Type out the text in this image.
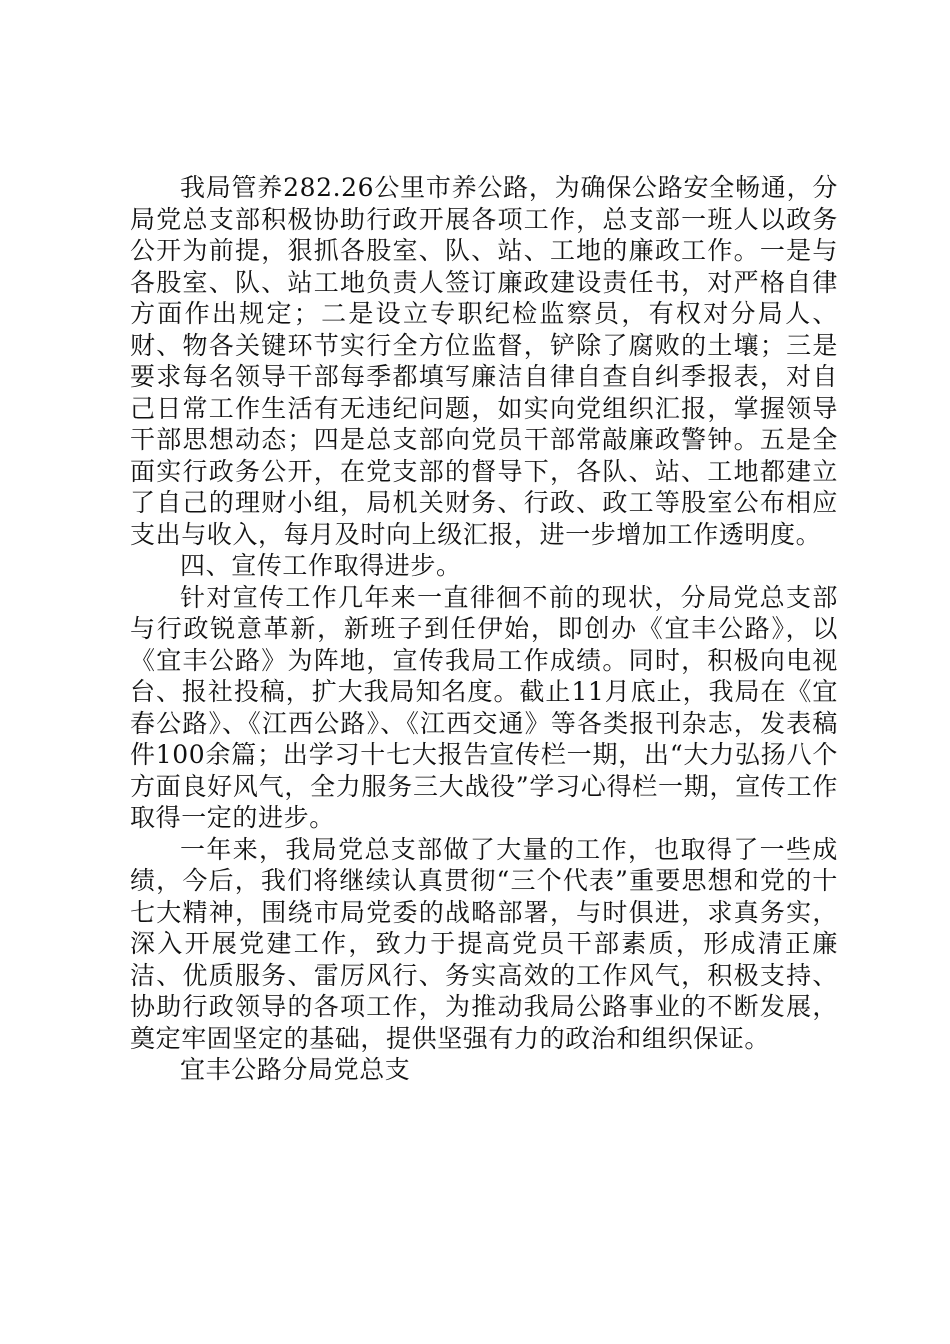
我局管养282.26公里市养公路，为确保公路安全畅通，分局党总支部积极协助行政开展各项工作，总支部一班人以政务公开为前提，狠抓各股室、队、站、工地的廉政工作。一是与各股室、队、站工地负责人签订廉政建设责任书，对严格自律方面作出规定；二是设立专职纪检监察员，有权对分局人、财、物各关键环节实行全方位监督，铲除了腐败的土壤；三是要求每名领导干部每季都填写廉洁自律自查自纠季报表，对自己日常工作生活有无违纪问题，如实向党组织汇报，掌握领导干部思想动态；四是总支部向党员干部常敲廉政警钟。五是全面实行政务公开，在党支部的督导下，各队、站、工地都建立了自己的理财小组，局机关财务、行政、政工等股室公布相应支出与收入，每月及时向上级汇报，进一步增加工作透明度。

四、宣传工作取得进步。

针对宣传工作几年来一直徘徊不前的现状，分局党总支部与行政锐意革新，新班子到任伊始，即创办《宜丰公路》，以《宜丰公路》为阵地，宣传我局工作成绩。同时，积极向电视台、报社投稿，扩大我局知名度。截止11月底止，我局在《宜春公路》、《江西公路》、《江西交通》等各类报刊杂志，发表稿件100余篇；出学习十七大报告宣传栏一期，出“大力弘扬八个方面良好风气，全力服务三大战役”学习心得栏一期，宣传工作取得一定的进步。

一年来，我局党总支部做了大量的工作，也取得了一些成绩，今后，我们将继续认真贯彻“三个代表”重要思想和党的十七大精神，围绕市局党委的战略部署，与时俱进，求真务实，深入开展党建工作，致力于提高党员干部素质，形成清正廉洁、优质服务、雷厉风行、务实高效的工作风气，积极支持、协助行政领导的各项工作，为推动我局公路事业的不断发展，奠定牢固坚定的基础，提供坚强有力的政治和组织保证。

宜丰公路分局党总支
